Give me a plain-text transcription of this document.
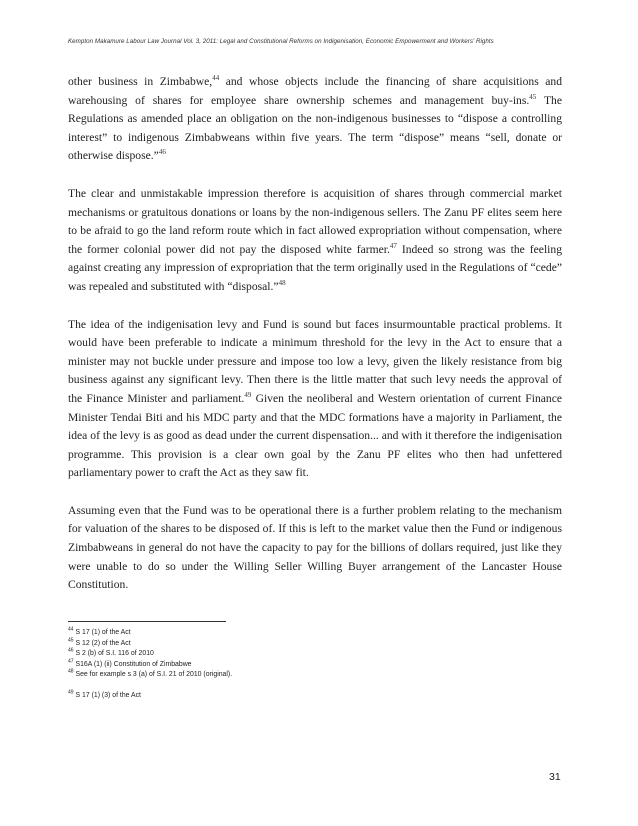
Kempton Makamure Labour Law Journal Vol. 3, 2011: Legal and Constitutional Reforms on Indigenisation, Economic Empowerment and Workers' Rights

other business in Zimbabwe,$^{44}$ and whose objects include the financing of share acquisitions and warehousing of shares for employee share ownership schemes and management buy-ins.$^{45}$ The Regulations as amended place an obligation on the non-indigenous businesses to “dispose a controlling interest” to indigenous Zimbabweans within five years. The term “dispose” means “sell, donate or otherwise dispose.”$^{46}$

The clear and unmistakable impression therefore is acquisition of shares through commercial market mechanisms or gratuitous donations or loans by the non-indigenous sellers. The Zanu PF elites seem here to be afraid to go the land reform route which in fact allowed expropriation without compensation, where the former colonial power did not pay the disposed white farmer.$^{47}$ Indeed so strong was the feeling against creating any impression of expropriation that the term originally used in the Regulations of “cede” was repealed and substituted with “disposal.”$^{48}$

The idea of the indigenisation levy and Fund is sound but faces insurmountable practical problems. It would have been preferable to indicate a minimum threshold for the levy in the Act to ensure that a minister may not buckle under pressure and impose too low a levy, given the likely resistance from big business against any significant levy. Then there is the little matter that such levy needs the approval of the Finance Minister and parliament.$^{49}$ Given the neoliberal and Western orientation of current Finance Minister Tendai Biti and his MDC party and that the MDC formations have a majority in Parliament, the idea of the levy is as good as dead under the current dispensation... and with it therefore the indigenisation programme. This provision is a clear own goal by the Zanu PF elites who then had unfettered parliamentary power to craft the Act as they saw fit.

Assuming even that the Fund was to be operational there is a further problem relating to the mechanism for valuation of the shares to be disposed of. If this is left to the market value then the Fund or indigenous Zimbabweans in general do not have the capacity to pay for the billions of dollars required, just like they were unable to do so under the Willing Seller Willing Buyer arrangement of the Lancaster House Constitution.

$^{44}$ S 17 (1) of the Act
$^{45}$ S 12 (2) of the Act
$^{46}$ S 2 (b) of S.I. 116 of 2010
$^{47}$ S16A (1) (ii) Constitution of Zimbabwe
$^{48}$ See for example s 3 (a) of S.I. 21 of 2010 (original).
$^{49}$ S 17 (1) (3) of the Act
31
